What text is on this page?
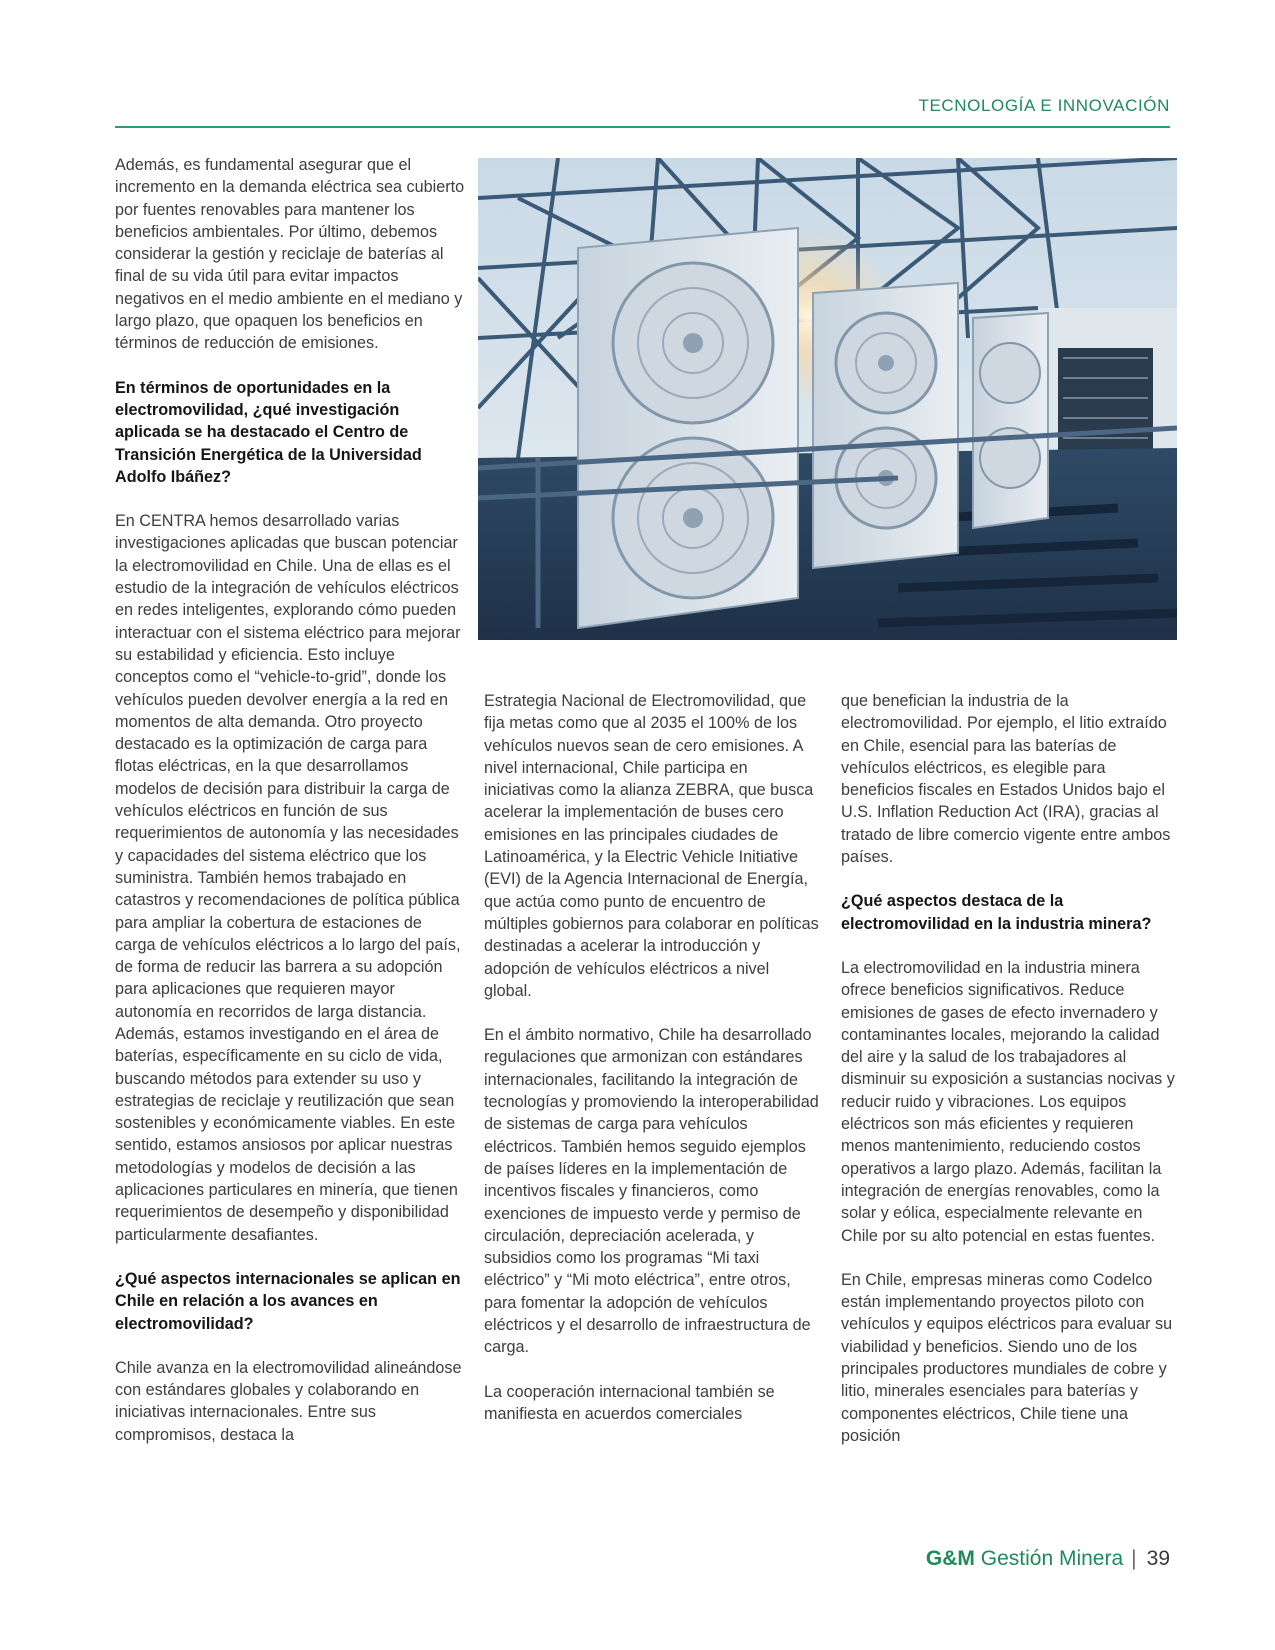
TECNOLOGÍA E INNOVACIÓN

Además, es fundamental asegurar que el incremento en la demanda eléctrica sea cubierto por fuentes renovables para mantener los beneficios ambientales. Por último, debemos considerar la gestión y reciclaje de baterías al final de su vida útil para evitar impactos negativos en el medio ambiente en el mediano y largo plazo, que opaquen los beneficios en términos de reducción de emisiones.

En términos de oportunidades en la electromovilidad, ¿qué investigación aplicada se ha destacado el Centro de Transición Energética de la Universidad Adolfo Ibáñez?

En CENTRA hemos desarrollado varias investigaciones aplicadas que buscan potenciar la electromovilidad en Chile. Una de ellas es el estudio de la integración de vehículos eléctricos en redes inteligentes, explorando cómo pueden interactuar con el sistema eléctrico para mejorar su estabilidad y eficiencia. Esto incluye conceptos como el “vehicle-to-grid”, donde los vehículos pueden devolver energía a la red en momentos de alta demanda. Otro proyecto destacado es la optimización de carga para flotas eléctricas, en la que desarrollamos modelos de decisión para distribuir la carga de vehículos eléctricos en función de sus requerimientos de autonomía y las necesidades y capacidades del sistema eléctrico que los suministra. También hemos trabajado en catastros y recomendaciones de política pública para ampliar la cobertura de estaciones de carga de vehículos eléctricos a lo largo del país, de forma de reducir las barrera a su adopción para aplicaciones que requieren mayor autonomía en recorridos de larga distancia. Además, estamos investigando en el área de baterías, específicamente en su ciclo de vida, buscando métodos para extender su uso y estrategias de reciclaje y reutilización que sean sostenibles y económicamente viables. En este sentido, estamos ansiosos por aplicar nuestras metodologías y modelos de decisión a las aplicaciones particulares en minería, que tienen requerimientos de desempeño y disponibilidad particularmente desafiantes.

¿Qué aspectos internacionales se aplican en Chile en relación a los avances en electromovilidad?

Chile avanza en la electromovilidad alineándose con estándares globales y colaborando en iniciativas internacionales. Entre sus compromisos, destaca la

Estrategia Nacional de Electromovilidad, que fija metas como que al 2035 el 100% de los vehículos nuevos sean de cero emisiones. A nivel internacional, Chile participa en iniciativas como la alianza ZEBRA, que busca acelerar la implementación de buses cero emisiones en las principales ciudades de Latinoamérica, y la Electric Vehicle Initiative (EVI) de la Agencia Internacional de Energía, que actúa como punto de encuentro de múltiples gobiernos para colaborar en políticas destinadas a acelerar la introducción y adopción de vehículos eléctricos a nivel global.

En el ámbito normativo, Chile ha desarrollado regulaciones que armonizan con estándares internacionales, facilitando la integración de tecnologías y promoviendo la interoperabilidad de sistemas de carga para vehículos eléctricos. También hemos seguido ejemplos de países líderes en la implementación de incentivos fiscales y financieros, como exenciones de impuesto verde y permiso de circulación, depreciación acelerada, y subsidios como los programas “Mi taxi eléctrico” y “Mi moto eléctrica”, entre otros, para fomentar la adopción de vehículos eléctricos y el desarrollo de infraestructura de carga.

La cooperación internacional también se manifiesta en acuerdos comerciales

que benefician la industria de la electromovilidad. Por ejemplo, el litio extraído en Chile, esencial para las baterías de vehículos eléctricos, es elegible para beneficios fiscales en Estados Unidos bajo el U.S. Inflation Reduction Act (IRA), gracias al tratado de libre comercio vigente entre ambos países.

¿Qué aspectos destaca de la electromovilidad en la industria minera?

La electromovilidad en la industria minera ofrece beneficios significativos. Reduce emisiones de gases de efecto invernadero y contaminantes locales, mejorando la calidad del aire y la salud de los trabajadores al disminuir su exposición a sustancias nocivas y reducir ruido y vibraciones. Los equipos eléctricos son más eficientes y requieren menos mantenimiento, reduciendo costos operativos a largo plazo. Además, facilitan la integración de energías renovables, como la solar y eólica, especialmente relevante en Chile por su alto potencial en estas fuentes.

En Chile, empresas mineras como Codelco están implementando proyectos piloto con vehículos y equipos eléctricos para evaluar su viabilidad y beneficios. Siendo uno de los principales productores mundiales de cobre y litio, minerales esenciales para baterías y componentes eléctricos, Chile tiene una posición

G&M Gestión Minera | 39
